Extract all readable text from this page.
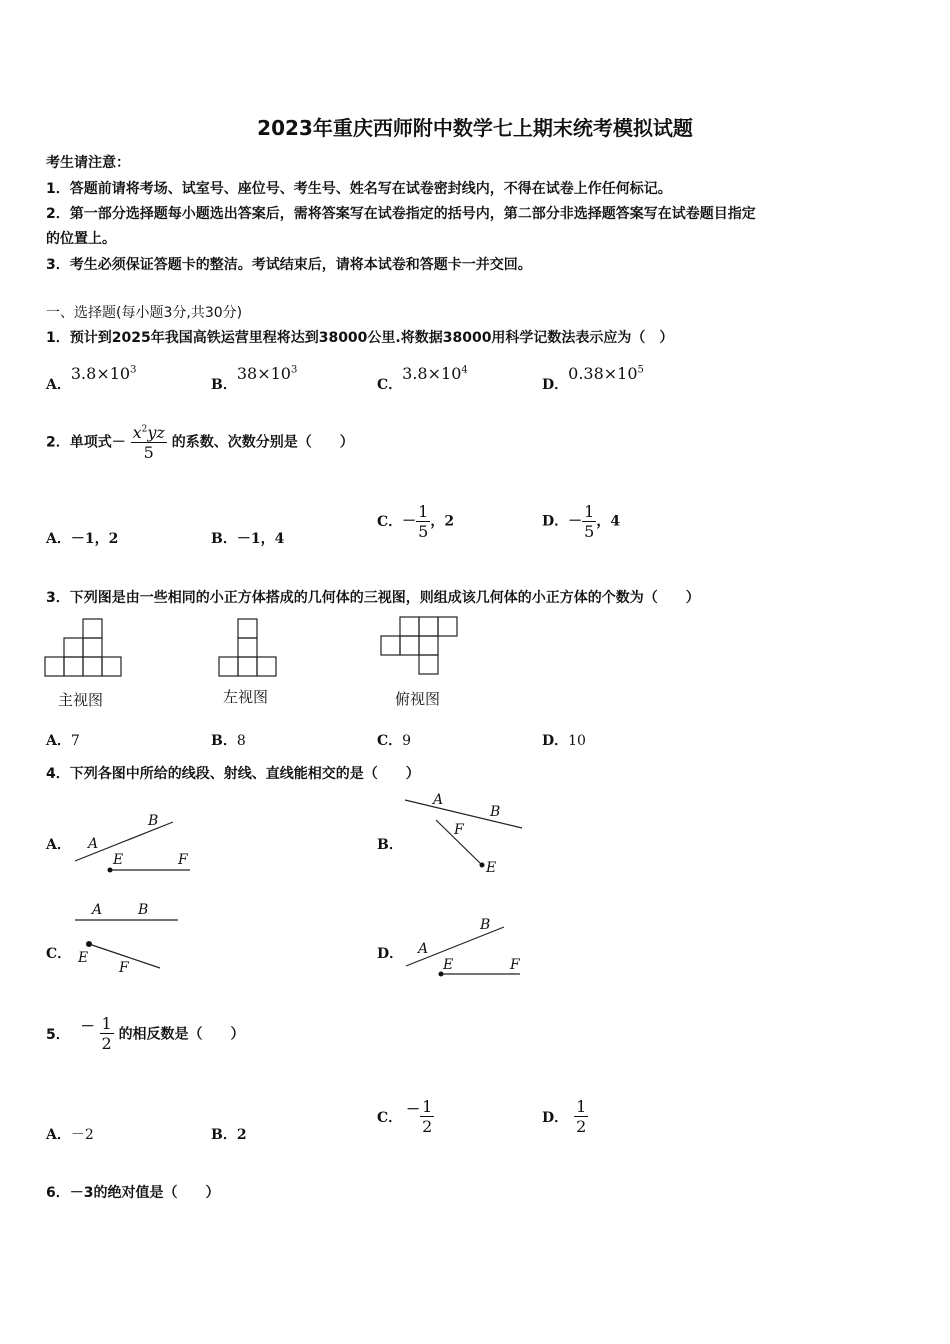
2023年重庆西师附中数学七上期末统考模拟试题
考生请注意：
1．答题前请将考场、试室号、座位号、考生号、姓名写在试卷密封线内，不得在试卷上作任何标记。
2．第一部分选择题每小题选出答案后，需将答案写在试卷指定的括号内，第二部分非选择题答案写在试卷题目指定
的位置上。
3．考生必须保证答题卡的整洁。考试结束后，请将本试卷和答题卡一并交回。
一、选择题(每小题3分,共30分)
1．预计到2025年我国高铁运营里程将达到38000公里.将数据38000用科学记数法表示应为（　）
A．$3.8\times 10^3$
B．$38\times 10^3$
C．$3.8\times 10^4$
D．$0.38\times 10^5$
2．单项式－ $\frac{x^2yz}{5}$ 的系数、次数分别是（　　）
A．－1，2	B．－1，4
C．－ $\frac{1}{5}$ ，2	D．－ $\frac{1}{5}$ ，4
3．下列图是由一些相同的小正方体搭成的几何体的三视图，则组成该几何体的小正方体的个数为（　　）
主视图	左视图	俯视图
A．7	B．8	C．9	D．10
4．下列各图中所给的线段、射线、直线能相交的是（　　）
A． A
B
E	F
B．
A
B
F
E
C．
A	B
E
F
D． A
B
E	F
5． － $\frac{1}{2}$ 的相反数是（　　）
A．－2	B．2
C． － $\frac{1}{2}$	D． $\frac{1}{2}$
6．－3的绝对值是（　　）
